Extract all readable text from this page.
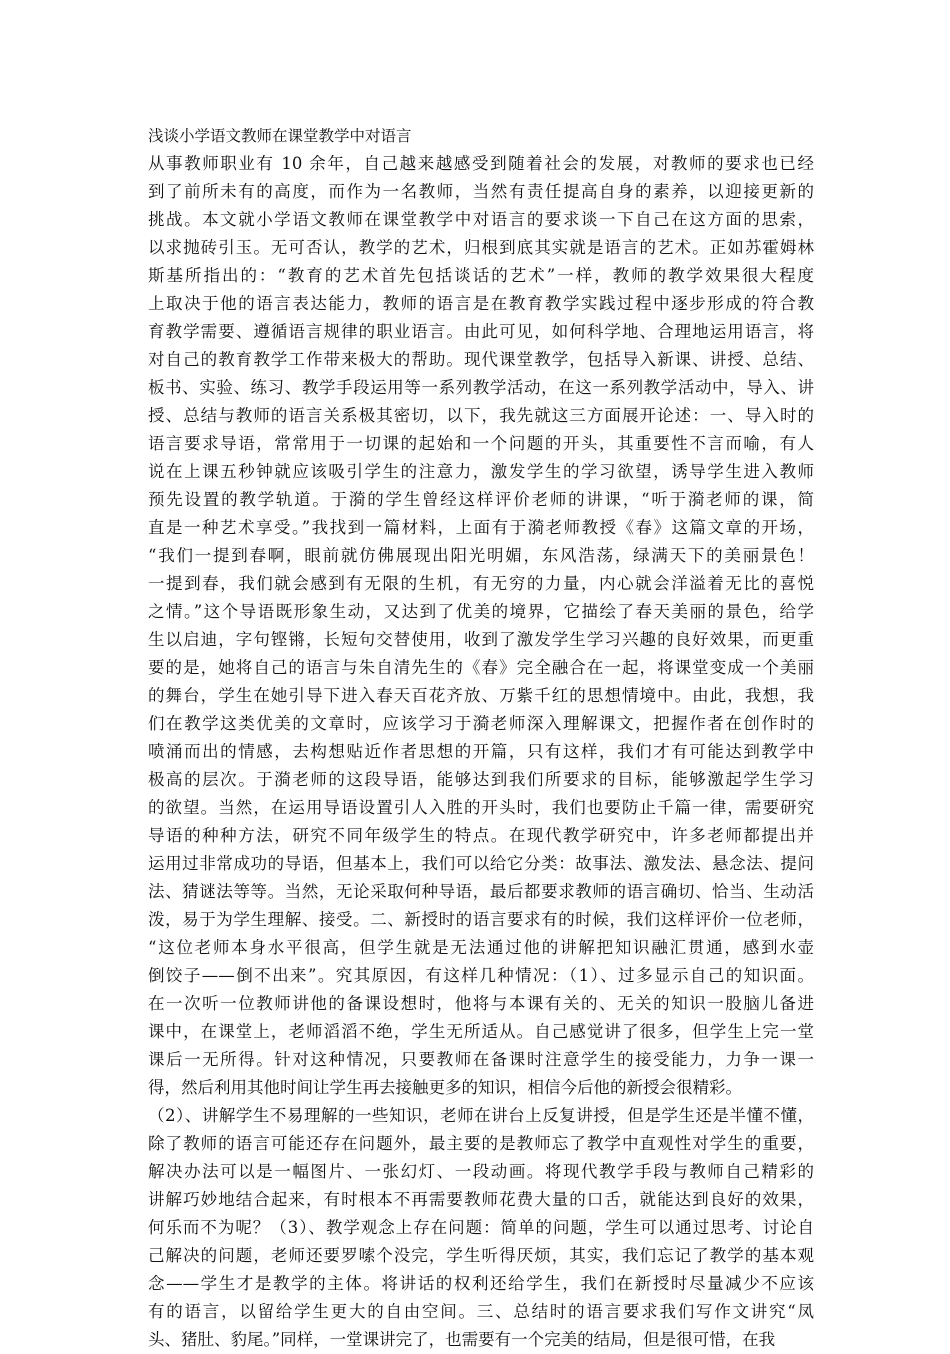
浅谈小学语文教师在课堂教学中对语言
从事教师职业有 10 余年，自己越来越感受到随着社会的发展，对教师的要求也已经
到了前所未有的高度，而作为一名教师，当然有责任提高自身的素养，以迎接更新的
挑战。本文就小学语文教师在课堂教学中对语言的要求谈一下自己在这方面的思索，
以求抛砖引玉。无可否认，教学的艺术，归根到底其实就是语言的艺术。正如苏霍姆林
斯基所指出的：“教育的艺术首先包括谈话的艺术”一样，教师的教学效果很大程度
上取决于他的语言表达能力，教师的语言是在教育教学实践过程中逐步形成的符合教
育教学需要、遵循语言规律的职业语言。由此可见，如何科学地、合理地运用语言，将
对自己的教育教学工作带来极大的帮助。现代课堂教学，包括导入新课、讲授、总结、
板书、实验、练习、教学手段运用等一系列教学活动，在这一系列教学活动中，导入、讲
授、总结与教师的语言关系极其密切，以下，我先就这三方面展开论述：一、导入时的
语言要求导语，常常用于一切课的起始和一个问题的开头，其重要性不言而喻，有人
说在上课五秒钟就应该吸引学生的注意力，激发学生的学习欲望，诱导学生进入教师
预先设置的教学轨道。于漪的学生曾经这样评价老师的讲课，“听于漪老师的课，简
直是一种艺术享受。”我找到一篇材料，上面有于漪老师教授《春》这篇文章的开场，
“我们一提到春啊，眼前就仿佛展现出阳光明媚，东风浩荡，绿满天下的美丽景色！
一提到春，我们就会感到有无限的生机，有无穷的力量，内心就会洋溢着无比的喜悦
之情。”这个导语既形象生动，又达到了优美的境界，它描绘了春天美丽的景色，给学
生以启迪，字句铿锵，长短句交替使用，收到了激发学生学习兴趣的良好效果，而更重
要的是，她将自己的语言与朱自清先生的《春》完全融合在一起，将课堂变成一个美丽
的舞台，学生在她引导下进入春天百花齐放、万紫千红的思想情境中。由此，我想，我
们在教学这类优美的文章时，应该学习于漪老师深入理解课文，把握作者在创作时的
喷涌而出的情感，去构想贴近作者思想的开篇，只有这样，我们才有可能达到教学中
极高的层次。于漪老师的这段导语，能够达到我们所要求的目标，能够激起学生学习
的欲望。当然，在运用导语设置引人入胜的开头时，我们也要防止千篇一律，需要研究
导语的种种方法，研究不同年级学生的特点。在现代教学研究中，许多老师都提出并
运用过非常成功的导语，但基本上，我们可以给它分类：故事法、激发法、悬念法、提问
法、猜谜法等等。当然，无论采取何种导语，最后都要求教师的语言确切、恰当、生动活
泼，易于为学生理解、接受。二、新授时的语言要求有的时候，我们这样评价一位老师，
“这位老师本身水平很高，但学生就是无法通过他的讲解把知识融汇贯通，感到水壶
倒饺子——倒不出来”。究其原因，有这样几种情况：（1）、过多显示自己的知识面。
在一次听一位教师讲他的备课设想时，他将与本课有关的、无关的知识一股脑儿备进
课中，在课堂上，老师滔滔不绝，学生无所适从。自己感觉讲了很多，但学生上完一堂
课后一无所得。针对这种情况，只要教师在备课时注意学生的接受能力，力争一课一
得，然后利用其他时间让学生再去接触更多的知识，相信今后他的新授会很精彩。
（2）、讲解学生不易理解的一些知识，老师在讲台上反复讲授，但是学生还是半懂不懂，
除了教师的语言可能还存在问题外，最主要的是教师忘了教学中直观性对学生的重要，
解决办法可以是一幅图片、一张幻灯、一段动画。将现代教学手段与教师自己精彩的
讲解巧妙地结合起来，有时根本不再需要教师花费大量的口舌，就能达到良好的效果，
何乐而不为呢？（3）、教学观念上存在问题：简单的问题，学生可以通过思考、讨论自
己解决的问题，老师还要罗嗦个没完，学生听得厌烦，其实，我们忘记了教学的基本观
念——学生才是教学的主体。将讲话的权利还给学生，我们在新授时尽量减少不应该
有的语言，以留给学生更大的自由空间。三、总结时的语言要求我们写作文讲究“凤
头、猪肚、豹尾。”同样，一堂课讲完了，也需要有一个完美的结局，但是很可惜，在我
